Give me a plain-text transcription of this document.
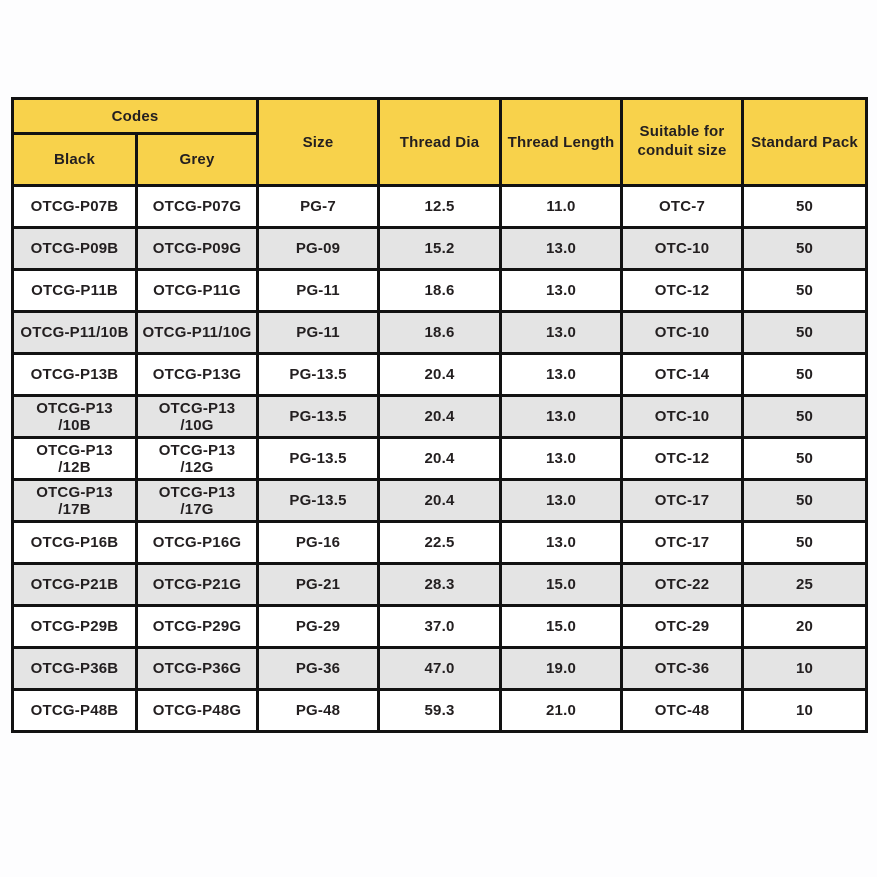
Codes		Size	Thread Dia	Thread Length	Suitable for conduit size	Standard Pack
Black	Grey					
OTCG-P07B	OTCG-P07G	PG-7	12.5	11.0	OTC-7	50
OTCG-P09B	OTCG-P09G	PG-09	15.2	13.0	OTC-10	50
OTCG-P11B	OTCG-P11G	PG-11	18.6	13.0	OTC-12	50
OTCG-P11/10B	OTCG-P11/10G	PG-11	18.6	13.0	OTC-10	50
OTCG-P13B	OTCG-P13G	PG-13.5	20.4	13.0	OTC-14	50
OTCG-P13 /10B	OTCG-P13 /10G	PG-13.5	20.4	13.0	OTC-10	50
OTCG-P13 /12B	OTCG-P13 /12G	PG-13.5	20.4	13.0	OTC-12	50
OTCG-P13 /17B	OTCG-P13 /17G	PG-13.5	20.4	13.0	OTC-17	50
OTCG-P16B	OTCG-P16G	PG-16	22.5	13.0	OTC-17	50
OTCG-P21B	OTCG-P21G	PG-21	28.3	15.0	OTC-22	25
OTCG-P29B	OTCG-P29G	PG-29	37.0	15.0	OTC-29	20
OTCG-P36B	OTCG-P36G	PG-36	47.0	19.0	OTC-36	10
OTCG-P48B	OTCG-P48G	PG-48	59.3	21.0	OTC-48	10
